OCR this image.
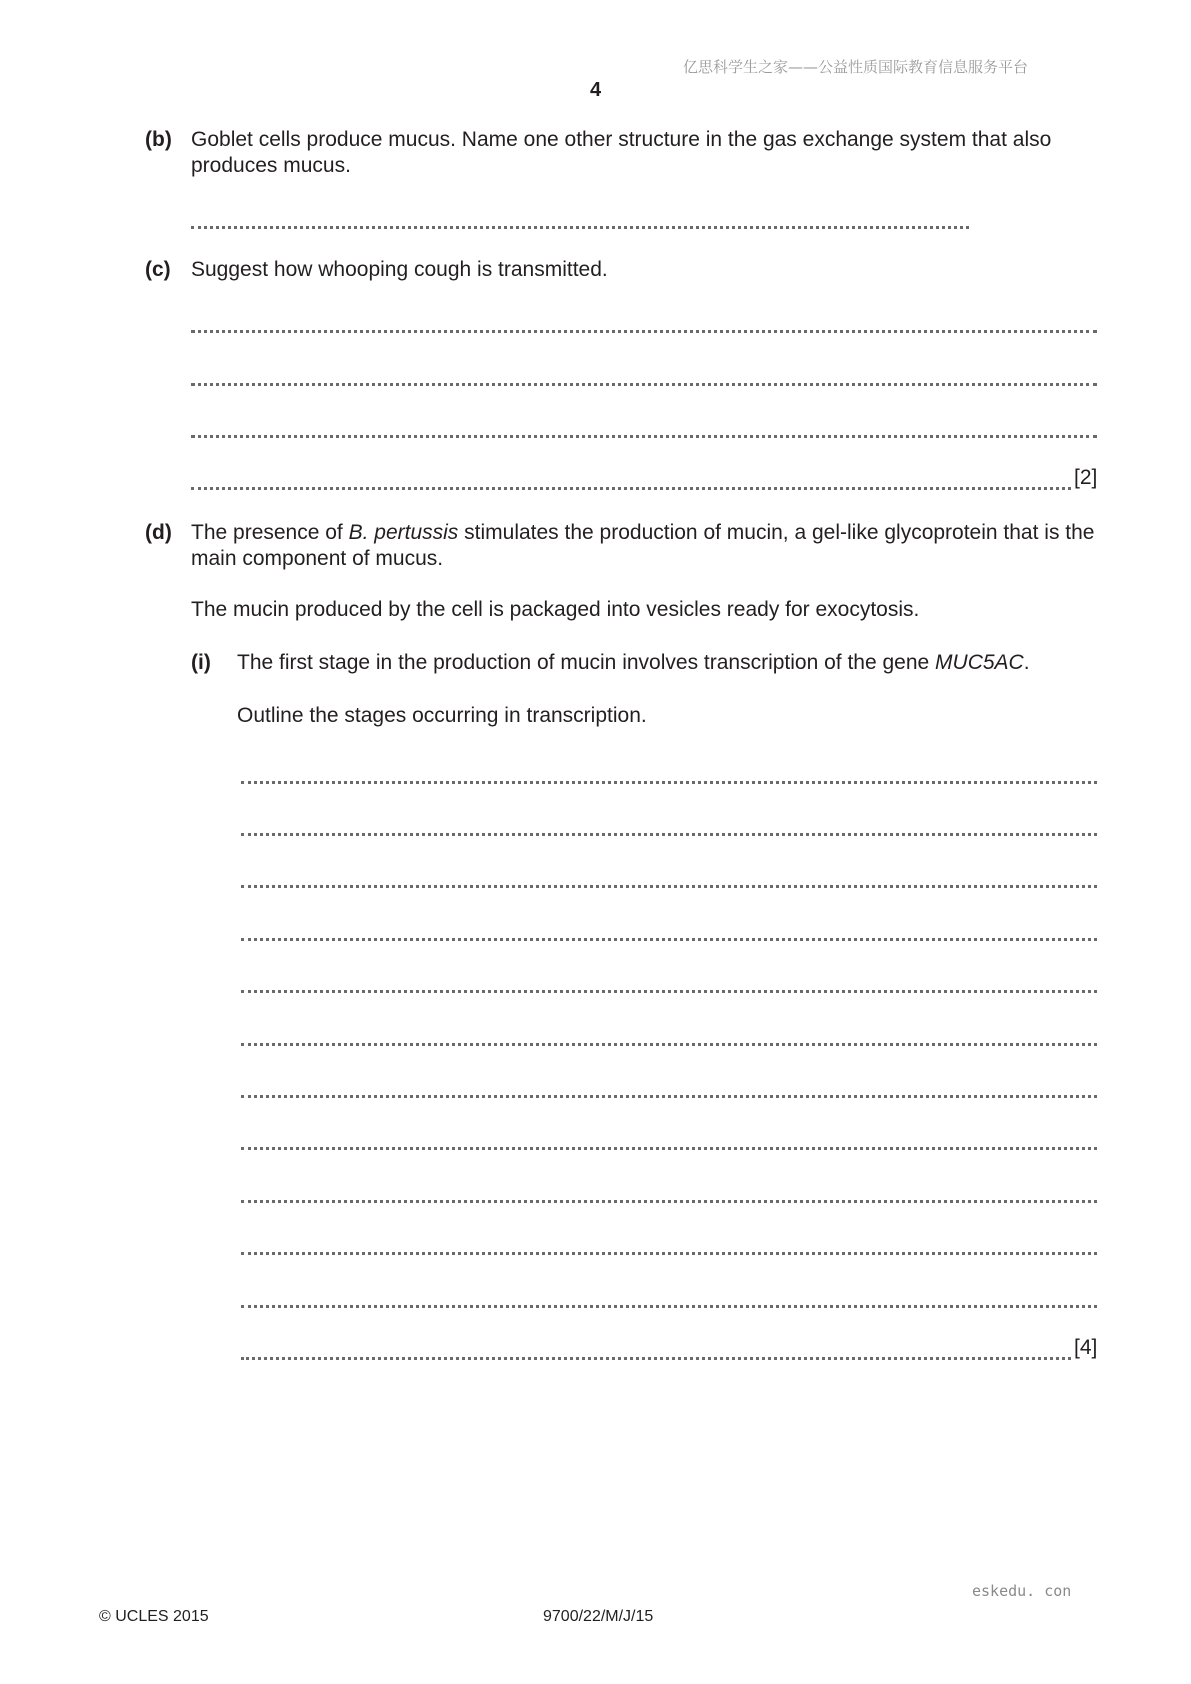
亿思科学生之家——公益性质国际教育信息服务平台
4
(b) Goblet cells produce mucus. Name one other structure in the gas exchange system that also produces mucus.
(c) Suggest how whooping cough is transmitted.
[2]
(d) The presence of B. pertussis stimulates the production of mucin, a gel-like glycoprotein that is the main component of mucus.
The mucin produced by the cell is packaged into vesicles ready for exocytosis.
(i) The first stage in the production of mucin involves transcription of the gene MUC5AC.
Outline the stages occurring in transcription.
[4]
eskedu. con
© UCLES 2015	9700/22/M/J/15
